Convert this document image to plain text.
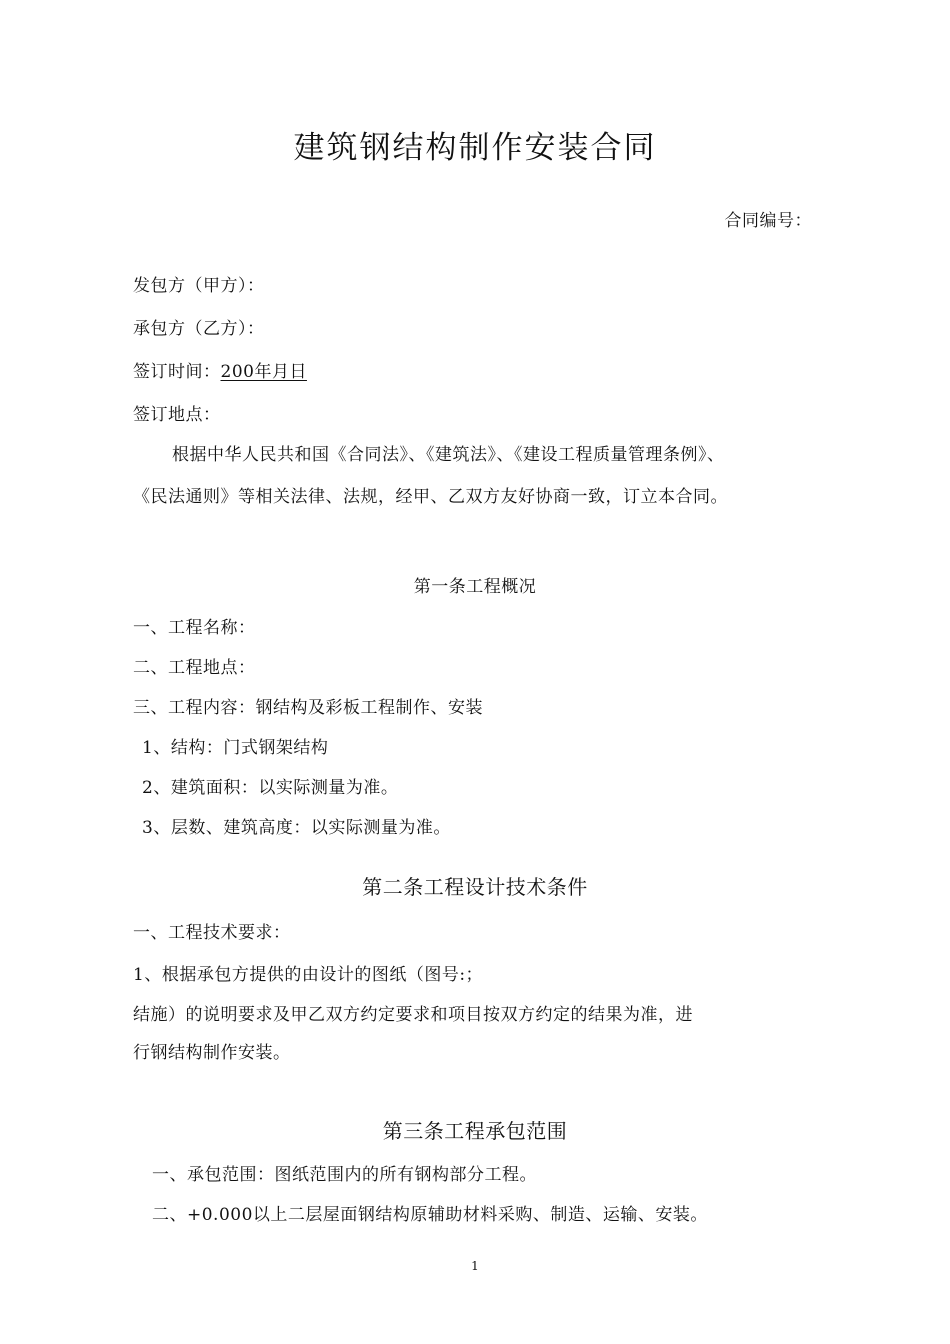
建筑钢结构制作安装合同
合同编号：
发包方（甲方）：
承包方（乙方）：
签订时间：200年月日
签订地点：
根据中华人民共和国《合同法》、《建筑法》、《建设工程质量管理条例》、
《民法通则》等相关法律、法规，经甲、乙双方友好协商一致，订立本合同。
第一条工程概况
一、工程名称：
二、工程地点：
三、工程内容：钢结构及彩板工程制作、安装
1、结构：门式钢架结构
2、建筑面积：以实际测量为准。
3、层数、建筑高度：以实际测量为准。
第二条工程设计技术条件
一、工程技术要求：
1、根据承包方提供的由设计的图纸（图号:；
结施）的说明要求及甲乙双方约定要求和项目按双方约定的结果为准，进
行钢结构制作安装。
第三条工程承包范围
一、承包范围：图纸范围内的所有钢构部分工程。
二、+0.000以上二层屋面钢结构原辅助材料采购、制造、运输、安装。
1
